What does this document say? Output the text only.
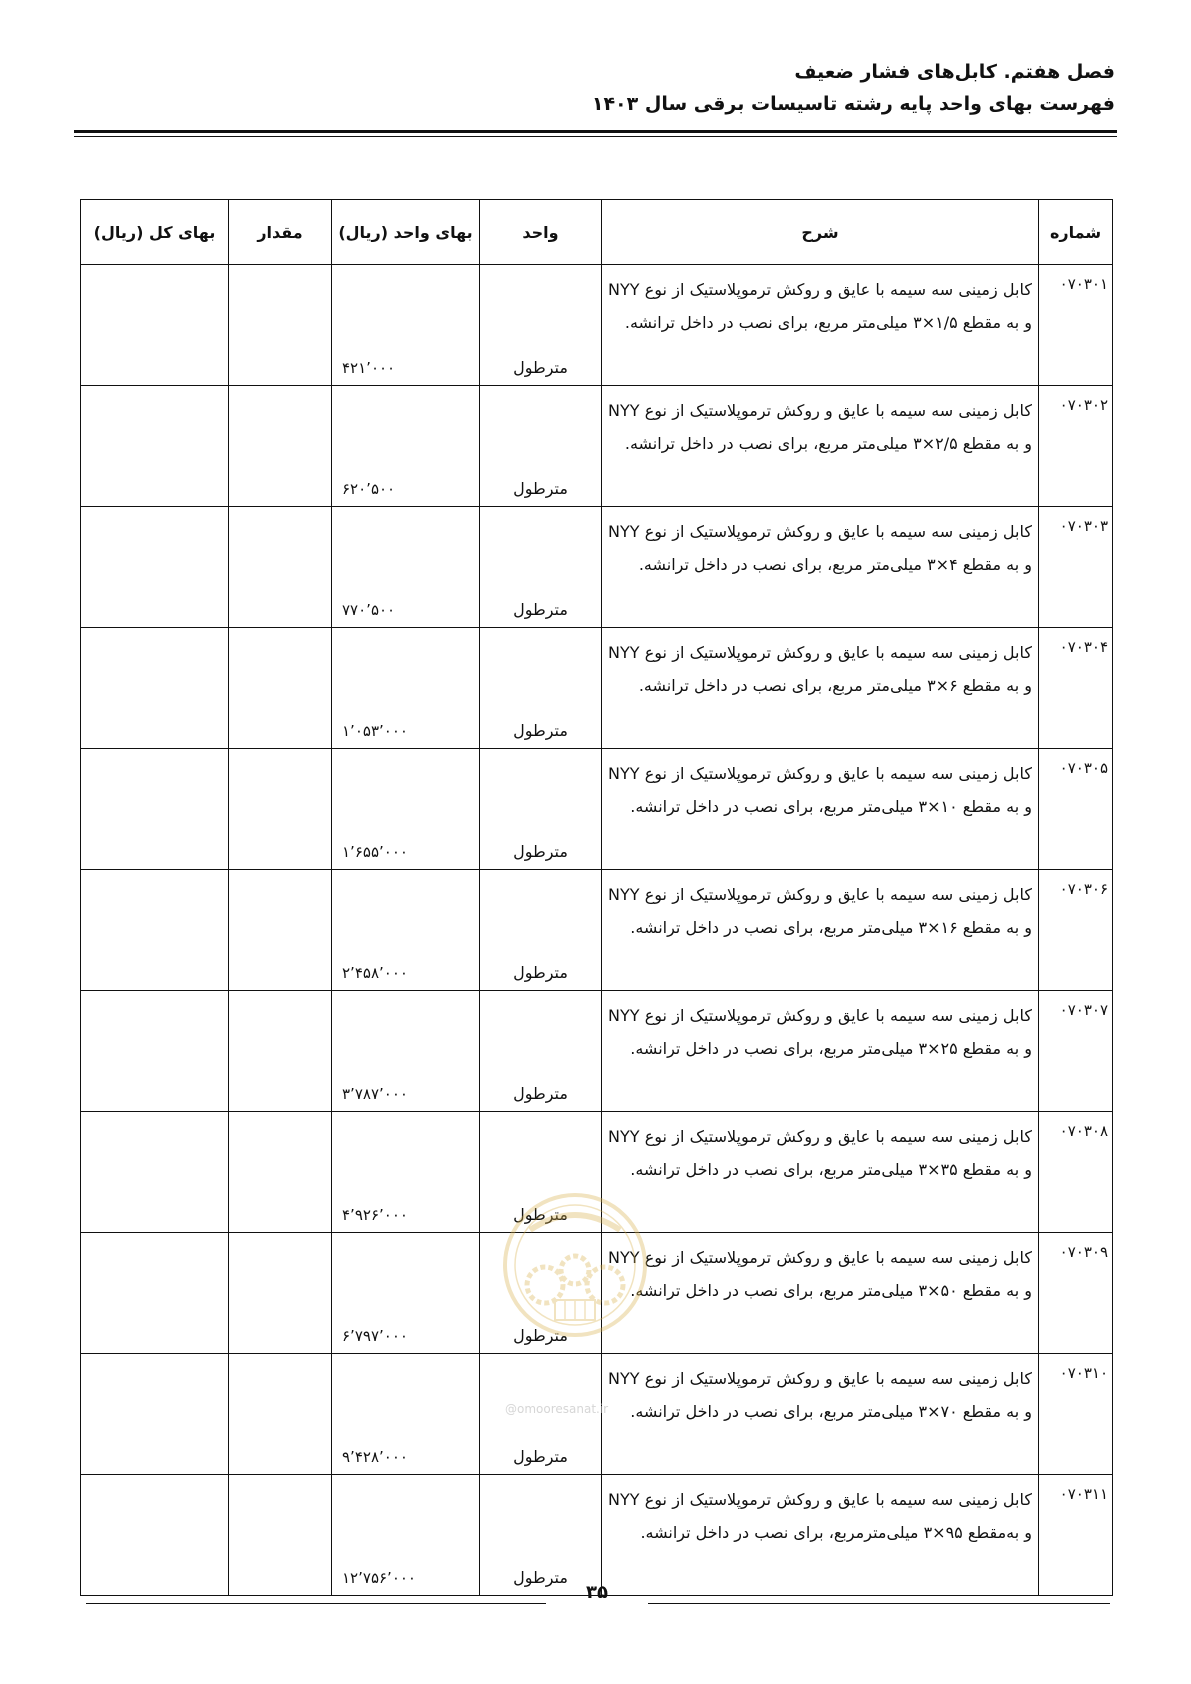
فصل هفتم. کابل‌های فشار ضعیف
فهرست بهای واحد پایه رشته تاسیسات برقی سال ۱۴۰۳
شماره	شرح	واحد	بهای واحد (ریال)	مقدار	بهای کل (ریال)
۰۷۰۳۰۱	کابل زمینی سه سیمه با عایق و روکش ترموپلاستیک از نوع NYY و به مقطع ۱/۵×۳ میلی‌متر مربع، برای نصب در داخل ترانشه.	مترطول	۴۲۱٬۰۰۰		
۰۷۰۳۰۲	کابل زمینی سه سیمه با عایق و روکش ترموپلاستیک از نوع NYY و به مقطع ۲/۵×۳ میلی‌متر مربع، برای نصب در داخل ترانشه.	مترطول	۶۲۰٬۵۰۰		
۰۷۰۳۰۳	کابل زمینی سه سیمه با عایق و روکش ترموپلاستیک از نوع NYY و به مقطع ۴×۳ میلی‌متر مربع، برای نصب در داخل ترانشه.	مترطول	۷۷۰٬۵۰۰		
۰۷۰۳۰۴	کابل زمینی سه سیمه با عایق و روکش ترموپلاستیک از نوع NYY و به مقطع ۶×۳ میلی‌متر مربع، برای نصب در داخل ترانشه.	مترطول	۱٬۰۵۳٬۰۰۰		
۰۷۰۳۰۵	کابل زمینی سه سیمه با عایق و روکش ترموپلاستیک از نوع NYY و به مقطع ۱۰×۳ میلی‌متر مربع، برای نصب در داخل ترانشه.	مترطول	۱٬۶۵۵٬۰۰۰		
۰۷۰۳۰۶	کابل زمینی سه سیمه با عایق و روکش ترموپلاستیک از نوع NYY و به مقطع ۱۶×۳ میلی‌متر مربع، برای نصب در داخل ترانشه.	مترطول	۲٬۴۵۸٬۰۰۰		
۰۷۰۳۰۷	کابل زمینی سه سیمه با عایق و روکش ترموپلاستیک از نوع NYY و به مقطع ۲۵×۳ میلی‌متر مربع، برای نصب در داخل ترانشه.	مترطول	۳٬۷۸۷٬۰۰۰		
۰۷۰۳۰۸	کابل زمینی سه سیمه با عایق و روکش ترموپلاستیک از نوع NYY و به مقطع ۳۵×۳ میلی‌متر مربع، برای نصب در داخل ترانشه.	مترطول	۴٬۹۲۶٬۰۰۰		
۰۷۰۳۰۹	کابل زمینی سه سیمه با عایق و روکش ترموپلاستیک از نوع NYY و به مقطع ۵۰×۳ میلی‌متر مربع، برای نصب در داخل ترانشه.	مترطول	۶٬۷۹۷٬۰۰۰		
۰۷۰۳۱۰	کابل زمینی سه سیمه با عایق و روکش ترموپلاستیک از نوع NYY و به مقطع ۷۰×۳ میلی‌متر مربع، برای نصب در داخل ترانشه.	مترطول	۹٬۴۲۸٬۰۰۰		
۰۷۰۳۱۱	کابل زمینی سه سیمه با عایق و روکش ترموپلاستیک از نوع NYY و به‌مقطع ۹۵×۳ میلی‌مترمربع، برای نصب در داخل ترانشه.	مترطول	۱۲٬۷۵۶٬۰۰۰		
@omooresanat.ir
۳۵
